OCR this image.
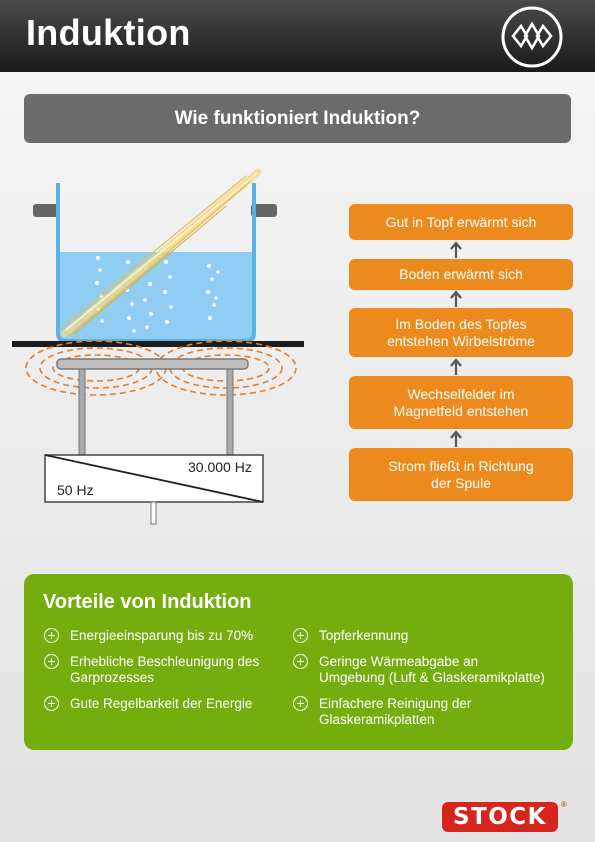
Induktion
Wie funktioniert Induktion?
30.000 Hz
50 Hz
Gut in Topf erwärmt sich
Boden erwärmt sich
Im Boden des Topfes
entstehen Wirbelströme
Wechselfelder im
Magnetfeld entstehen
Strom fließt in Richtung
der Spule
Vorteile von Induktion
Energieeinsparung bis zu 70%
Erhebliche Beschleunigung des
Garprozesses
Gute Regelbarkeit der Energie
Topferkennung
Geringe Wärmeabgabe an
Umgebung (Luft & Glaskeramikplatte)
Einfachere Reinigung der
Glaskeramikplatten
STOCK	®
